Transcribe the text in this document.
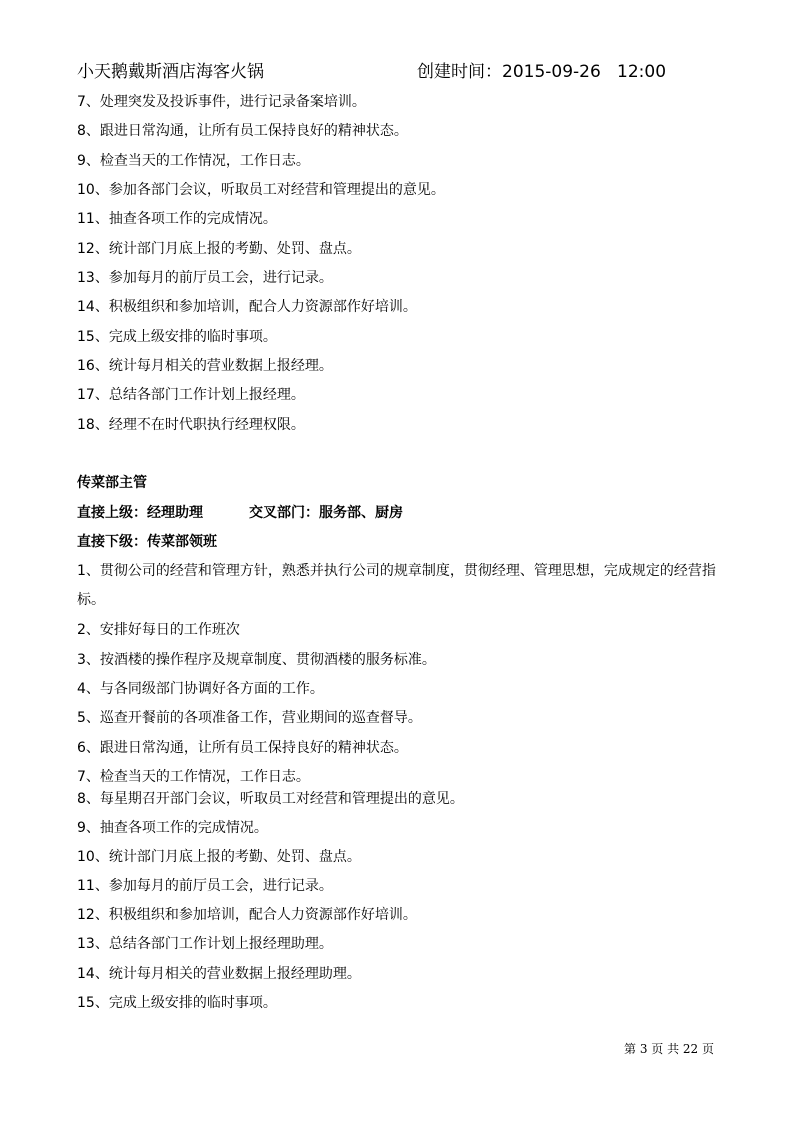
小天鹅戴斯酒店海客火锅	创建时间：2015-09-26 12:00
7、处理突发及投诉事件，进行记录备案培训。
8、跟进日常沟通，让所有员工保持良好的精神状态。
9、检查当天的工作情况，工作日志。
10、参加各部门会议，听取员工对经营和管理提出的意见。
11、抽查各项工作的完成情况。
12、统计部门月底上报的考勤、处罚、盘点。
13、参加每月的前厅员工会，进行记录。
14、积极组织和参加培训，配合人力资源部作好培训。
15、完成上级安排的临时事项。
16、统计每月相关的营业数据上报经理。
17、总结各部门工作计划上报经理。
18、经理不在时代职执行经理权限。
传菜部主管
直接上级：经理助理	交叉部门：服务部、厨房
直接下级：传菜部领班
1、贯彻公司的经营和管理方针，熟悉并执行公司的规章制度，贯彻经理、管理思想，完成规定的经营指标。
2、安排好每日的工作班次
3、按酒楼的操作程序及规章制度、贯彻酒楼的服务标准。
4、与各同级部门协调好各方面的工作。
5、巡查开餐前的各项准备工作，营业期间的巡查督导。
6、跟进日常沟通，让所有员工保持良好的精神状态。
7、检查当天的工作情况，工作日志。
8、每星期召开部门会议，听取员工对经营和管理提出的意见。
9、抽查各项工作的完成情况。
10、统计部门月底上报的考勤、处罚、盘点。
11、参加每月的前厅员工会，进行记录。
12、积极组织和参加培训，配合人力资源部作好培训。
13、总结各部门工作计划上报经理助理。
14、统计每月相关的营业数据上报经理助理。
15、完成上级安排的临时事项。
第 3 页 共 22 页
